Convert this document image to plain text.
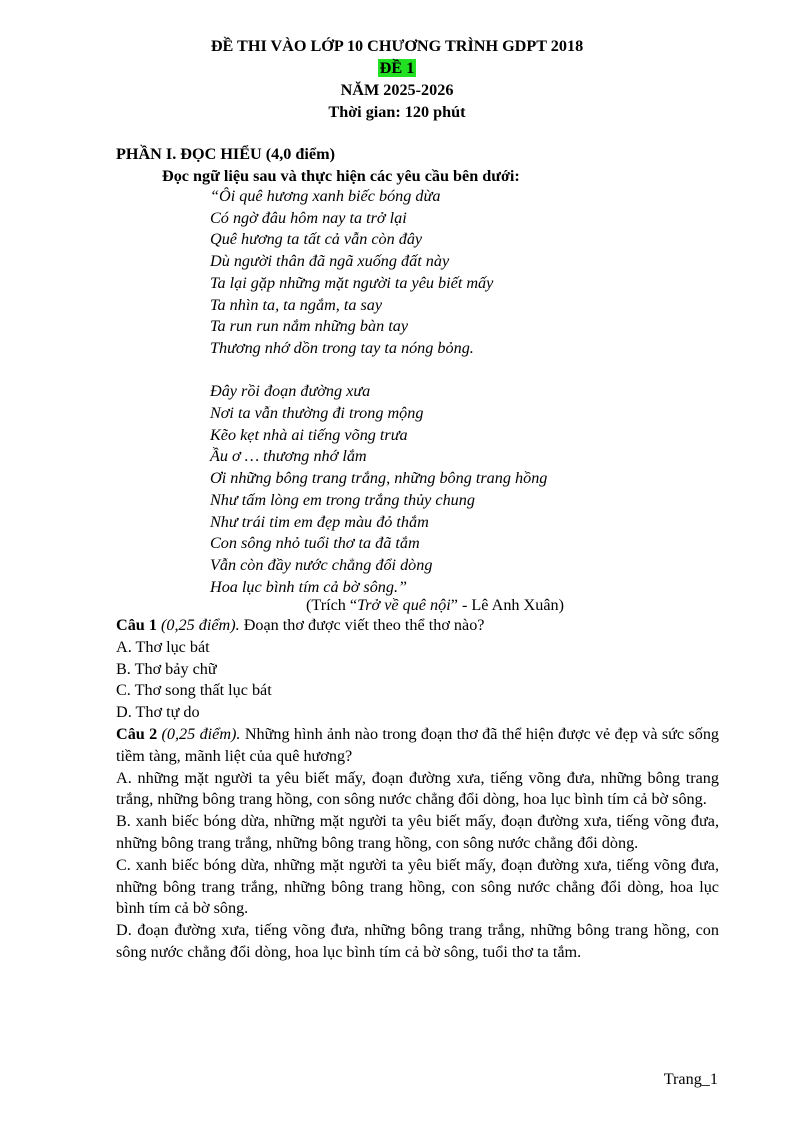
ĐỀ THI VÀO LỚP 10 CHƯƠNG TRÌNH GDPT 2018
ĐỀ 1
NĂM 2025-2026
Thời gian: 120 phút
PHẦN I. ĐỌC HIỂU (4,0 điểm)
Đọc ngữ liệu sau và thực hiện các yêu cầu bên dưới:
“Ôi quê hương xanh biếc bóng dừa
Có ngờ đâu hôm nay ta trở lại
Quê hương ta tất cả vẫn còn đây
Dù người thân đã ngã xuống đất này
Ta lại gặp những mặt người ta yêu biết mấy
Ta nhìn ta, ta ngắm, ta say
Ta run run nắm những bàn tay
Thương nhớ dồn trong tay ta nóng bỏng.
Đây rồi đoạn đường xưa
Nơi ta vẫn thường đi trong mộng
Kẽo kẹt nhà ai tiếng võng trưa
Ầu ơ … thương nhớ lắm
Ơi những bông trang trắng, những bông trang hồng
Như tấm lòng em trong trắng thủy chung
Như trái tim em đẹp màu đỏ thắm
Con sông nhỏ tuổi thơ ta đã tắm
Vẫn còn đầy nước chẳng đổi dòng
Hoa lục bình tím cả bờ sông.”
(Trích “Trở về quê nội” - Lê Anh Xuân)

Câu 1 (0,25 điểm). Đoạn thơ được viết theo thể thơ nào?

A. Thơ lục bát

B. Thơ bảy chữ

C. Thơ song thất lục bát

D. Thơ tự do

Câu 2 (0,25 điểm). Những hình ảnh nào trong đoạn thơ đã thể hiện được vẻ đẹp và sức sống tiềm tàng, mãnh liệt của quê hương?

A. những mặt người ta yêu biết mấy, đoạn đường xưa, tiếng võng đưa, những bông trang trắng, những bông trang hồng, con sông nước chẳng đổi dòng, hoa lục bình tím cả bờ sông.

B. xanh biếc bóng dừa, những mặt người ta yêu biết mấy, đoạn đường xưa, tiếng võng đưa, những bông trang trắng, những bông trang hồng, con sông nước chẳng đổi dòng.

C. xanh biếc bóng dừa, những mặt người ta yêu biết mấy, đoạn đường xưa, tiếng võng đưa, những bông trang trắng, những bông trang hồng, con sông nước chẳng đổi dòng, hoa lục bình tím cả bờ sông.

D. đoạn đường xưa, tiếng võng đưa, những bông trang trắng, những bông trang hồng, con sông nước chẳng đổi dòng, hoa lục bình tím cả bờ sông, tuổi thơ ta tắm.

Trang_1
